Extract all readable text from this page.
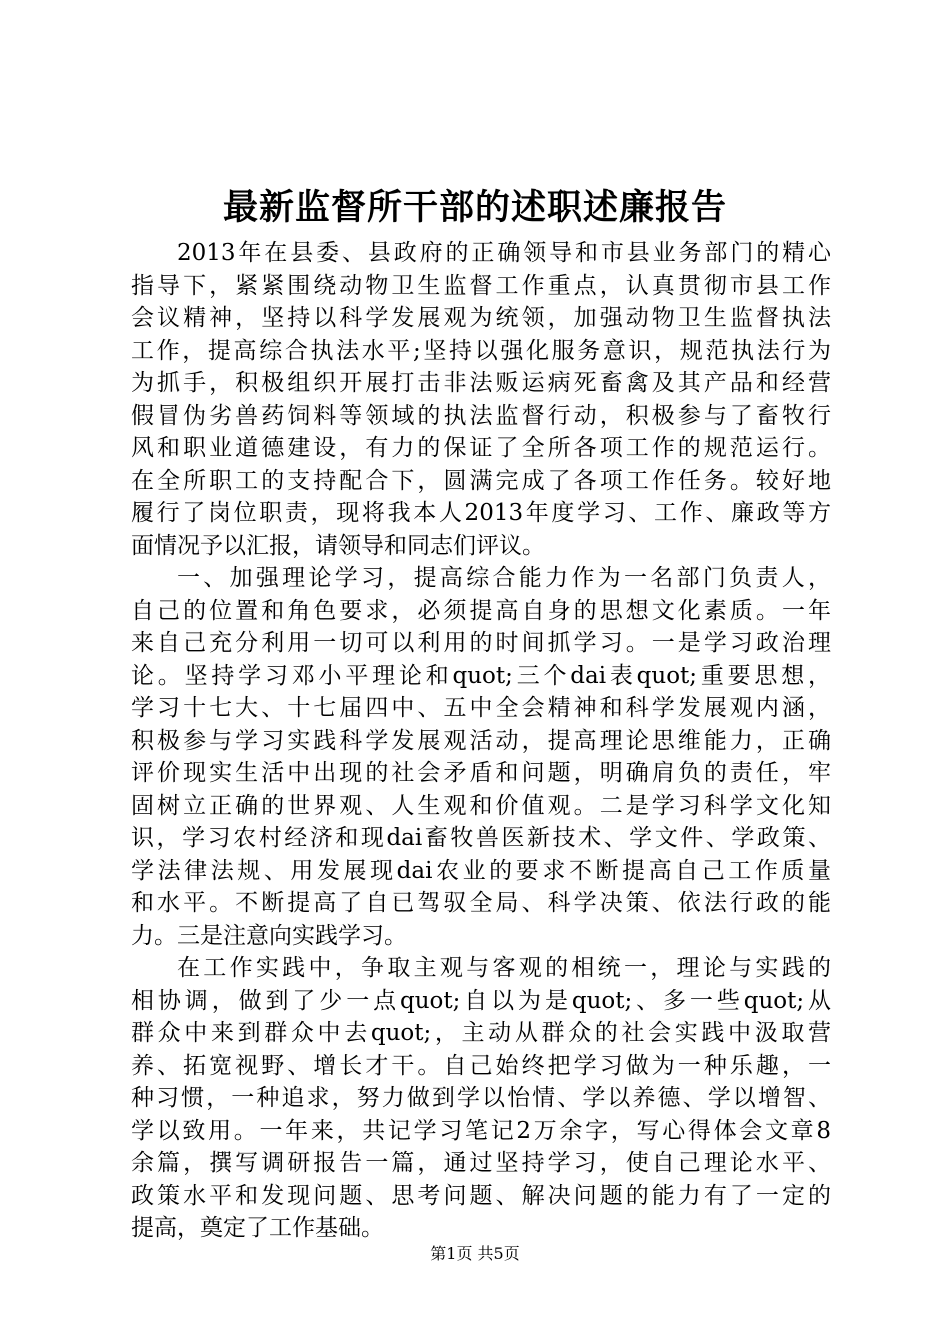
最新监督所干部的述职述廉报告
2013年在县委、县政府的正确领导和市县业务部门的精心
指导下，紧紧围绕动物卫生监督工作重点，认真贯彻市县工作
会议精神，坚持以科学发展观为统领，加强动物卫生监督执法
工作，提高综合执法水平;坚持以强化服务意识，规范执法行为
为抓手，积极组织开展打击非法贩运病死畜禽及其产品和经营
假冒伪劣兽药饲料等领域的执法监督行动，积极参与了畜牧行
风和职业道德建设，有力的保证了全所各项工作的规范运行。
在全所职工的支持配合下，圆满完成了各项工作任务。较好地
履行了岗位职责，现将我本人2013年度学习、工作、廉政等方
面情况予以汇报，请领导和同志们评议。
一、加强理论学习，提高综合能力作为一名部门负责人，
自己的位置和角色要求，必须提高自身的思想文化素质。一年
来自己充分利用一切可以利用的时间抓学习。一是学习政治理
论。坚持学习邓小平理论和quot;三个dai表quot;重要思想，
学习十七大、十七届四中、五中全会精神和科学发展观内涵，
积极参与学习实践科学发展观活动，提高理论思维能力，正确
评价现实生活中出现的社会矛盾和问题，明确肩负的责任，牢
固树立正确的世界观、人生观和价值观。二是学习科学文化知
识，学习农村经济和现dai畜牧兽医新技术、学文件、学政策、
学法律法规、用发展现dai农业的要求不断提高自己工作质量
和水平。不断提高了自已驾驭全局、科学决策、依法行政的能
力。三是注意向实践学习。
在工作实践中，争取主观与客观的相统一，理论与实践的
相协调，做到了少一点quot;自以为是quot;、多一些quot;从
群众中来到群众中去quot;，主动从群众的社会实践中汲取营
养、拓宽视野、增长才干。自己始终把学习做为一种乐趣，一
种习惯，一种追求，努力做到学以怡情、学以养德、学以增智、
学以致用。一年来，共记学习笔记2万余字，写心得体会文章8
余篇，撰写调研报告一篇，通过坚持学习，使自己理论水平、
政策水平和发现问题、思考问题、解决问题的能力有了一定的
提高，奠定了工作基础。
第1页 共5页
